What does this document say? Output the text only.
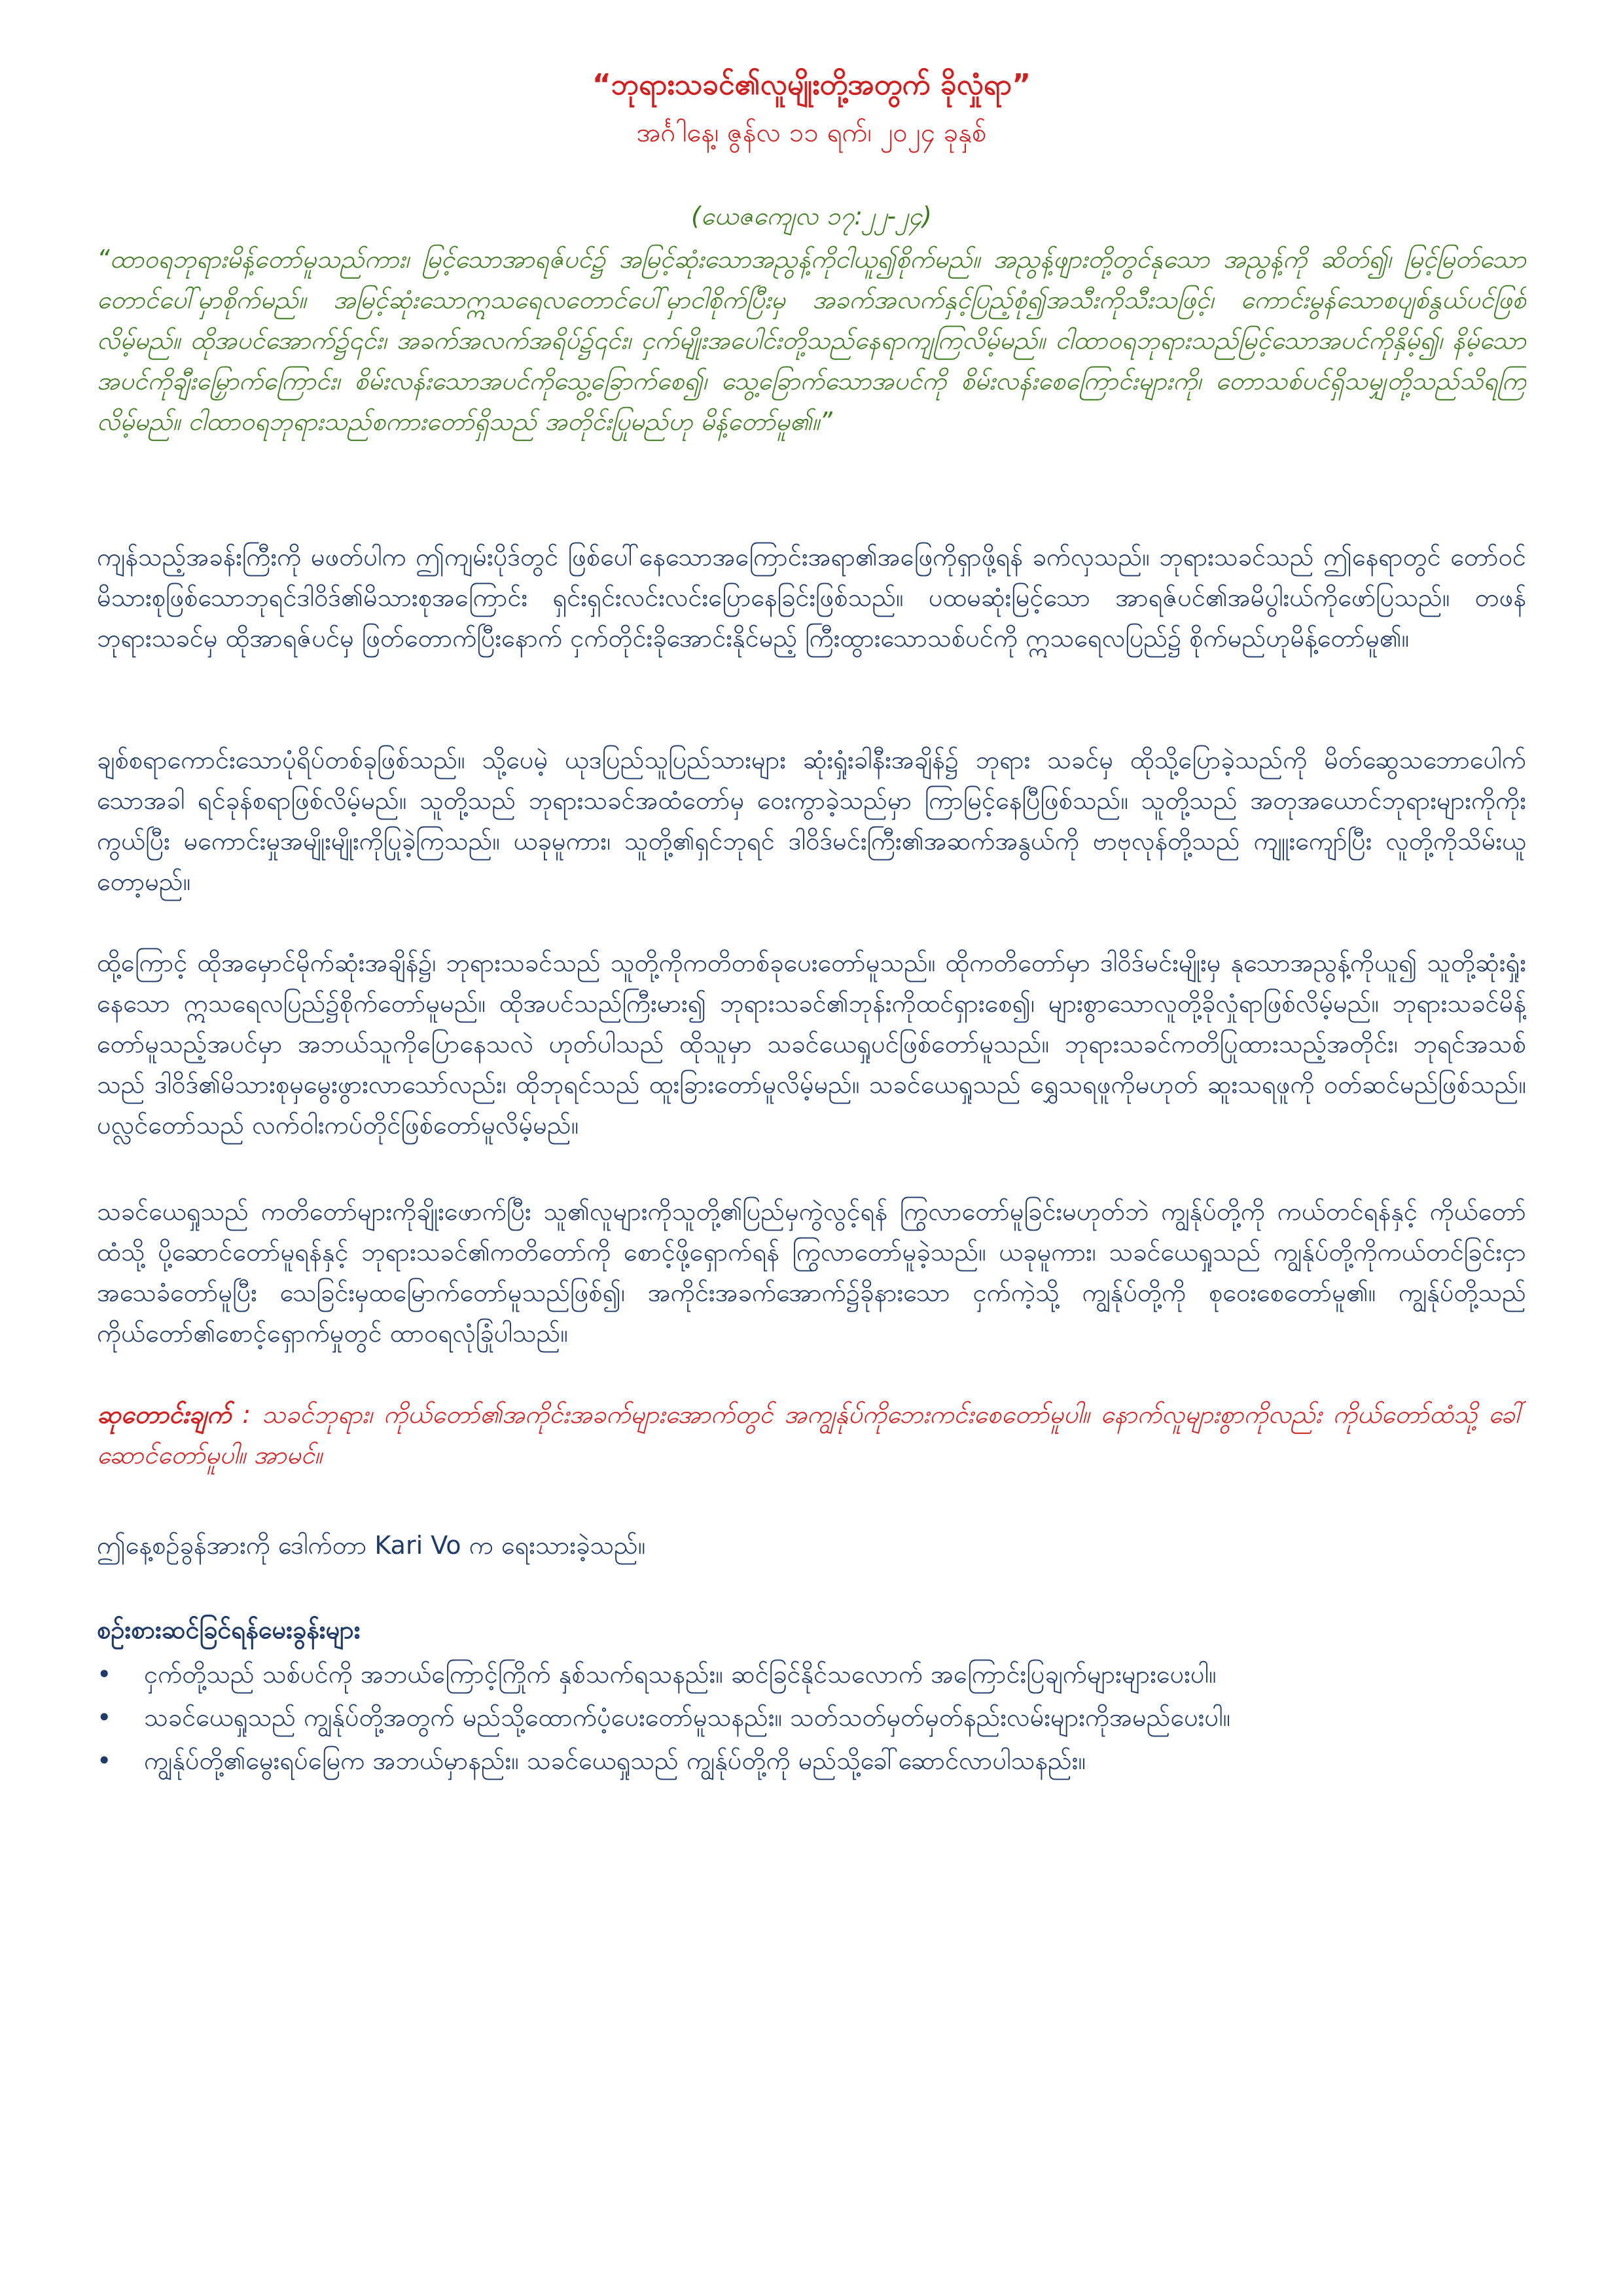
“ဘုရားသခင်၏လူမျိုးတို့အတွက် ခိုလှုံရာ”
အင်္ဂါနေ့၊ ဇွန်လ ၁၁ ရက်၊ ၂၀၂၄ ခုနှစ်
(ယေဇကျေလ ၁၇:၂၂-၂၄)
“ထာဝရဘုရားမိန့်တော်မူသည်ကား၊ မြင့်သောအာရဇ်ပင်၌ အမြင့်ဆုံးသောအညွန့်ကိုငါယူ၍စိုက်မည်။ အညွန့်ဖျားတို့တွင်နုသော အညွန့်ကို ဆိတ်၍၊ မြင့်မြတ်သောတောင်ပေါ်မှာစိုက်မည်။ အမြင့်ဆုံးသောဣသရေလတောင်ပေါ်မှာငါစိုက်ပြီးမှ အခက်အလက်နှင့်ပြည့်စုံ၍အသီးကိုသီးသဖြင့်၊ ကောင်းမွန်သောစပျစ်နွယ်ပင်ဖြစ်လိမ့်မည်။ ထိုအပင်အောက်၌၎င်း၊ အခက်အလက်အရိပ်၌၎င်း၊ ငှက်မျိုးအပေါင်းတို့သည်နေရာကျကြလိမ့်မည်။ ငါထာဝရဘုရားသည်မြင့်သောအပင်ကိုနှိမ့်၍၊ နိမ့်သောအပင်ကိုချီးမြှောက်ကြောင်း၊ စိမ်းလန်းသောအပင်ကိုသွေ့ခြောက်စေ၍၊ သွေ့ခြောက်သောအပင်ကို စိမ်းလန်းစေကြောင်းများကို၊ တောသစ်ပင်ရှိသမျှတို့သည်သိရကြလိမ့်မည်။ ငါထာဝရဘုရားသည်စကားတော်ရှိသည် အတိုင်းပြုမည်ဟု မိန့်တော်မူ၏။”
ကျန်သည့်အခန်းကြီးကို မဖတ်ပါက ဤကျမ်းပိုဒ်တွင် ဖြစ်ပေါ်နေသောအကြောင်းအရာ၏အဖြေကိုရှာဖို့ရန် ခက်လှသည်။ ဘုရားသခင်သည် ဤနေရာတွင် တော်ဝင်မိသားစုဖြစ်သောဘုရင်ဒါဝိဒ်၏မိသားစုအကြောင်း ရှင်းရှင်းလင်းလင်းပြောနေခြင်းဖြစ်သည်။ ပထမဆုံးမြင့်သော အာရဇ်ပင်၏အမိပွါးယ်ကိုဖော်ပြသည်။ တဖန်ဘုရားသခင်မှ ထိုအာရဇ်ပင်မှ ဖြတ်တောက်ပြီးနောက် ငှက်တိုင်းခိုအောင်းနိုင်မည့် ကြီးထွားသောသစ်ပင်ကို ဣသရေလပြည်၌ စိုက်မည်ဟုမိန့်တော်မူ၏။
ချစ်စရာကောင်းသောပုံရိပ်တစ်ခုဖြစ်သည်။ သို့ပေမဲ့ ယုဒပြည်သူပြည်သားများ ဆုံးရှုံးခါနီးအချိန်၌ ဘုရား သခင်မှ ထိုသို့ပြောခဲ့သည်ကို မိတ်ဆွေသဘောပေါက်သောအခါ ရင်ခုန်စရာဖြစ်လိမ့်မည်။ သူတို့သည် ဘုရားသခင်အထံတော်မှ ဝေးကွာခဲ့သည်မှာ ကြာမြင့်နေပြီဖြစ်သည်။ သူတို့သည် အတုအယောင်ဘုရားများကိုကိုးကွယ်ပြီး မကောင်းမှုအမျိုးမျိုးကိုပြုခဲ့ကြသည်။ ယခုမူကား၊ သူတို့၏ရှင်ဘုရင် ဒါဝိဒ်မင်းကြီး၏အဆက်အနွယ်ကို ဗာဗုလုန်တို့သည် ကျူးကျော်ပြီး လူတို့ကိုသိမ်းယူတော့မည်။
ထို့ကြောင့် ထိုအမှောင်မိုက်ဆုံးအချိန်၌၊ ဘုရားသခင်သည် သူတို့ကိုကတိတစ်ခုပေးတော်မူသည်။ ထိုကတိတော်မှာ ဒါဝိဒ်မင်းမျိုးမှ နုသောအညွန့်ကိုယူ၍ သူတို့ဆုံးရှုံးနေသော ဣသရေလပြည်၌စိုက်တော်မူမည်။ ထိုအပင်သည်ကြီးမား၍ ဘုရားသခင်၏ဘုန်းကိုထင်ရှားစေ၍၊ များစွာသောလူတို့ခိုလှုံရာဖြစ်လိမ့်မည်။ ဘုရားသခင်မိန့်တော်မူသည့်အပင်မှာ အဘယ်သူကိုပြောနေသလဲ ဟုတ်ပါသည် ထိုသူမှာ သခင်ယေရှုပင်ဖြစ်တော်မူသည်။ ဘုရားသခင်ကတိပြုထားသည့်အတိုင်း၊ ဘုရင်အသစ်သည် ဒါဝိဒ်၏မိသားစုမှမွေးဖွားလာသော်လည်း၊ ထိုဘုရင်သည် ထူးခြားတော်မူလိမ့်မည်။ သခင်ယေရှုသည် ရွှေသရဖူကိုမဟုတ် ဆူးသရဖူကို ဝတ်ဆင်မည်ဖြစ်သည်။ ပလ္လင်တော်သည် လက်ဝါးကပ်တိုင်ဖြစ်တော်မူလိမ့်မည်။
သခင်ယေရှုသည် ကတိတော်များကိုချိုးဖောက်ပြီး သူ၏လူများကိုသူတို့၏ပြည်မှကွဲလွင့်ရန် ကြွလာတော်မူခြင်းမဟုတ်ဘဲ ကျွန်ုပ်တို့ကို ကယ်တင်ရန်နှင့် ကိုယ်တော်ထံသို့ ပို့ဆောင်တော်မူရန်နှင့် ဘုရားသခင်၏ကတိတော်ကို စောင့်ဖို့ရှောက်ရန် ကြွလာတော်မူခဲ့သည်။ ယခုမူကား၊ သခင်ယေရှုသည် ကျွန်ုပ်တို့ကိုကယ်တင်ခြင်းငှာ အသေခံတော်မူပြီး သေခြင်းမှထမြောက်တော်မူသည်ဖြစ်၍၊ အကိုင်းအခက်အောက်၌ခိုနားသော ငှက်ကဲ့သို့ ကျွန်ုပ်တို့ကို စုဝေးစေတော်မူ၏။ ကျွန်ုပ်တို့သည် ကိုယ်တော်၏စောင့်ရှောက်မှုတွင် ထာဝရလုံခြုံပါသည်။
ဆုတောင်းချက် : သခင်ဘုရား၊ ကိုယ်တော်၏အကိုင်းအခက်များအောက်တွင် အကျွန်ုပ်ကိုဘေးကင်းစေတော်မူပါ။ နောက်လူများစွာကိုလည်း ကိုယ်တော်ထံသို့ ခေါ်ဆောင်တော်မူပါ။ အာမင်။
ဤနေ့စဉ်ခွန်အားကို ဒေါက်တာ Kari Vo က ရေးသားခဲ့သည်။
စဉ်းစားဆင်ခြင်ရန်မေးခွန်းများ
•	ငှက်တို့သည် သစ်ပင်ကို အဘယ်ကြောင့်ကြိုက် နှစ်သက်ရသနည်း။ ဆင်ခြင်နိုင်သလောက် အကြောင်းပြချက်များများပေးပါ။
•	သခင်ယေရှုသည် ကျွန်ုပ်တို့အတွက် မည်သို့ထောက်ပံ့ပေးတော်မူသနည်း။ သတ်သတ်မှတ်မှတ်နည်းလမ်းများကိုအမည်ပေးပါ။
•	ကျွန်ုပ်တို့၏မွေးရပ်မြေက အဘယ်မှာနည်း။ သခင်ယေရှုသည် ကျွန်ုပ်တို့ကို မည်သို့ခေါ်ဆောင်လာပါသနည်း။
